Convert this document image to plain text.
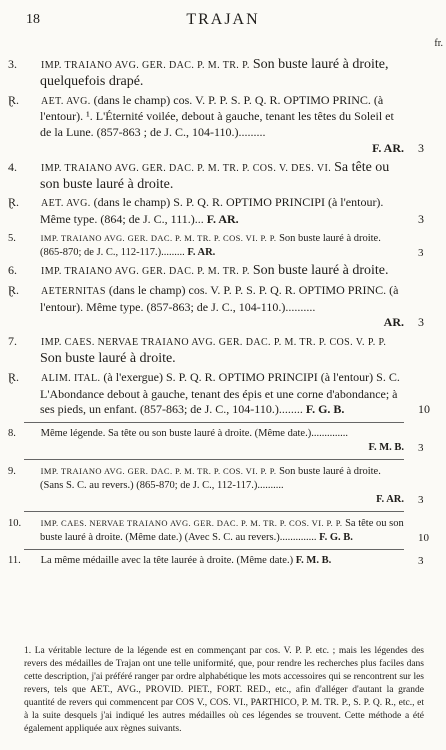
18	TRAJAN
fr.
3. IMP. TRAIANO AVG. GER. DAC. P. M. TR. P. Son buste lauré à droite, quelquefois drapé.
Ɽ. AET. AVG. (dans le champ) cos. V. P. P. S. P. Q. R. OPTIMO PRINC. (à l'entour). ¹. L'Éternité voilée, debout à gauche, tenant les têtes du Soleil et de la Lune. (857-863 ; de J. C., 104-110.).........
F. AR. 3
4. IMP. TRAIANO AVG. GER. DAC. P. M. TR. P. COS. V. DES. VI. Sa tête ou son buste lauré à droite.
Ɽ. AET. AVG. (dans le champ) S. P. Q. R. OPTIMO PRINCIPI (à l'entour). Même type. (864; de J. C., 111.)... F. AR.	3
5.	IMP. TRAIANO AVG. GER. DAC. P. M. TR. P. COS. VI. P. P. Son buste lauré à droite. (865-870; de J. C., 112-117.)......... F. AR.	3
6. IMP. TRAIANO AVG. GER. DAC. P. M. TR. P. Son buste lauré à droite.
Ɽ. AETERNITAS (dans le champ) cos. V. P. P. S. P. Q. R. OPTIMO PRINC. (à l'entour). Même type. (857-863; de J. C., 104-110.)..........
AR. 3
7. IMP. CAES. NERVAE TRAIANO AVG. GER. DAC. P. M. TR. P. COS. V. P. P. Son buste lauré à droite.
Ɽ. ALIM. ITAL. (à l'exergue) S. P. Q. R. OPTIMO PRINCIPI (à l'entour) S. C. L'Abondance debout à gauche, tenant des épis et une corne d'abondance; à ses pieds, un enfant. (857-863; de J. C., 104-110.)........ F. G. B.	10
8. Même légende. Sa tête ou son buste lauré à droite. (Même date.)..............
F. M. B. 3
9.	IMP. TRAIANO AVG. GER. DAC. P. M. TR. P. COS. VI. P. P. Son buste lauré à droite. (Sans S. C. au revers.) (865-870; de J. C., 112-117.)..........
F. AR. 3
10. IMP. CAES. NERVAE TRAIANO AVG. GER. DAC. P. M. TR. P. COS. VI. P. P. Sa tête ou son buste lauré à droite. (Même date.) (Avec S. C. au revers.).............. F. G. B.	10
11. La même médaille avec la tête laurée à droite. (Même date.) F. M. B.	3
1. La véritable lecture de la légende est en commençant par cos. V. P. P. etc. ; mais les légendes des revers des médailles de Trajan ont une telle uniformité, que, pour rendre les recherches plus faciles dans cette description, j'ai préféré ranger par ordre alphabétique les mots accessoires qui se rencontrent sur les revers, tels que AET., AVG., PROVID. PIET., FORT. RED., etc., afin d'alléger d'autant la grande quantité de revers qui commencent par COS V., COS. VI., PARTHICO, P. M. TR. P., S. P. Q. R., etc., et à la suite desquels j'ai indiqué les autres médailles où ces légendes se trouvent. Cette méthode a été également appliquée aux règnes suivants.
